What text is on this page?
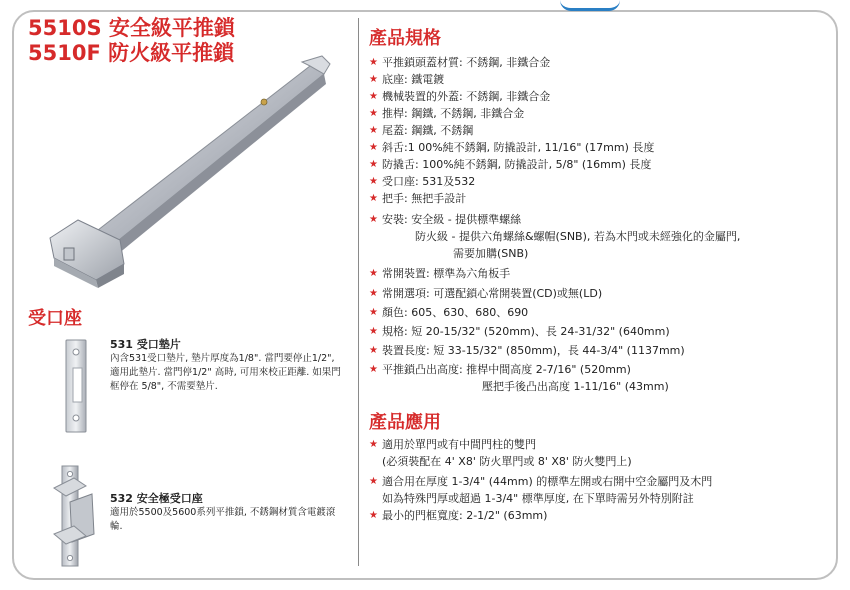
5510S 安全級平推鎖
5510F 防火級平推鎖
受口座
531 受口墊片
內含531受口墊片, 墊片厚度為1/8". 當門要停止1/2", 適用此墊片. 當門停1/2" 高時, 可用來校正距離. 如果門框停在 5/8", 不需要墊片.
532 安全極受口座
適用於5500及5600系列平推鎖, 不銹鋼材質含電鍍滾輪.
產品規格
★ 平推鎖頭蓋材質: 不銹鋼, 非鐵合金
★ 底座: 鐵電鍍
★ 機械裝置的外蓋: 不銹鋼, 非鐵合金
★ 推桿: 鋼鐵, 不銹鋼, 非鐵合金
★ 尾蓋: 鋼鐵, 不銹鋼
★ 斜舌:1 00%純不銹鋼, 防撬設計, 11/16" (17mm) 長度
★ 防撬舌: 100%純不銹鋼, 防撬設計, 5/8" (16mm) 長度
★ 受口座: 531及532
★ 把手: 無把手設計
★ 安裝: 安全級 - 提供標準螺絲
防火級 - 提供六角螺絲&螺帽(SNB), 若為木門或未經強化的金屬門,
需要加購(SNB)
★ 常開裝置: 標準為六角板手
★ 常開選項: 可選配鎖心常開裝置(CD)或無(LD)
★ 顏色: 605、630、680、690
★ 規格: 短 20-15/32" (520mm)、長 24-31/32" (640mm)
★ 裝置長度: 短 33-15/32" (850mm)，長 44-3/4" (1137mm)
★ 平推鎖凸出高度: 推桿中間高度 2-7/16" (520mm)
壓把手後凸出高度 1-11/16" (43mm)
產品應用
★ 適用於單門或有中間門柱的雙門
(必須裝配在 4' X8' 防火單門或 8' X8' 防火雙門上)
★ 適合用在厚度 1-3/4" (44mm) 的標準左開或右開中空金屬門及木門
如為特殊門厚或超過 1-3/4" 標準厚度, 在下單時需另外特別附註
★ 最小的門框寬度: 2-1/2" (63mm)
